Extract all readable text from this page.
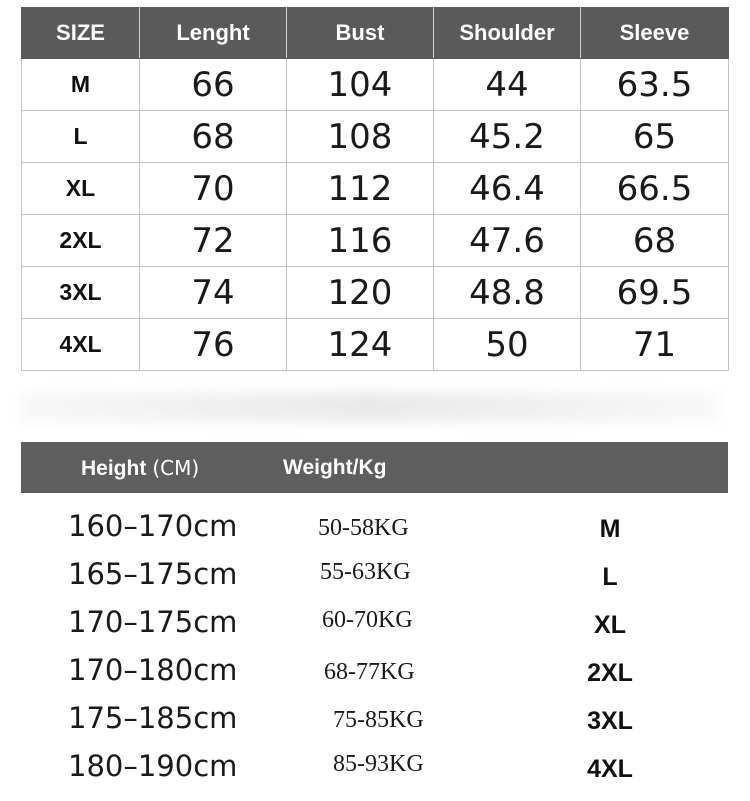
SIZE	Lenght	Bust	Shoulder	Sleeve
M	66	104	44	63.5
L	68	108	45.2	65
XL	70	112	46.4	66.5
2XL	72	116	47.6	68
3XL	74	120	48.8	69.5
4XL	76	124	50	71
Height (CM)	Weight/Kg
160–170cm	50-58KG	M
165–175cm	55-63KG	L
170–175cm	60-70KG	XL
170–180cm	68-77KG	2XL
175–185cm	75-85KG	3XL
180–190cm	85-93KG	4XL
